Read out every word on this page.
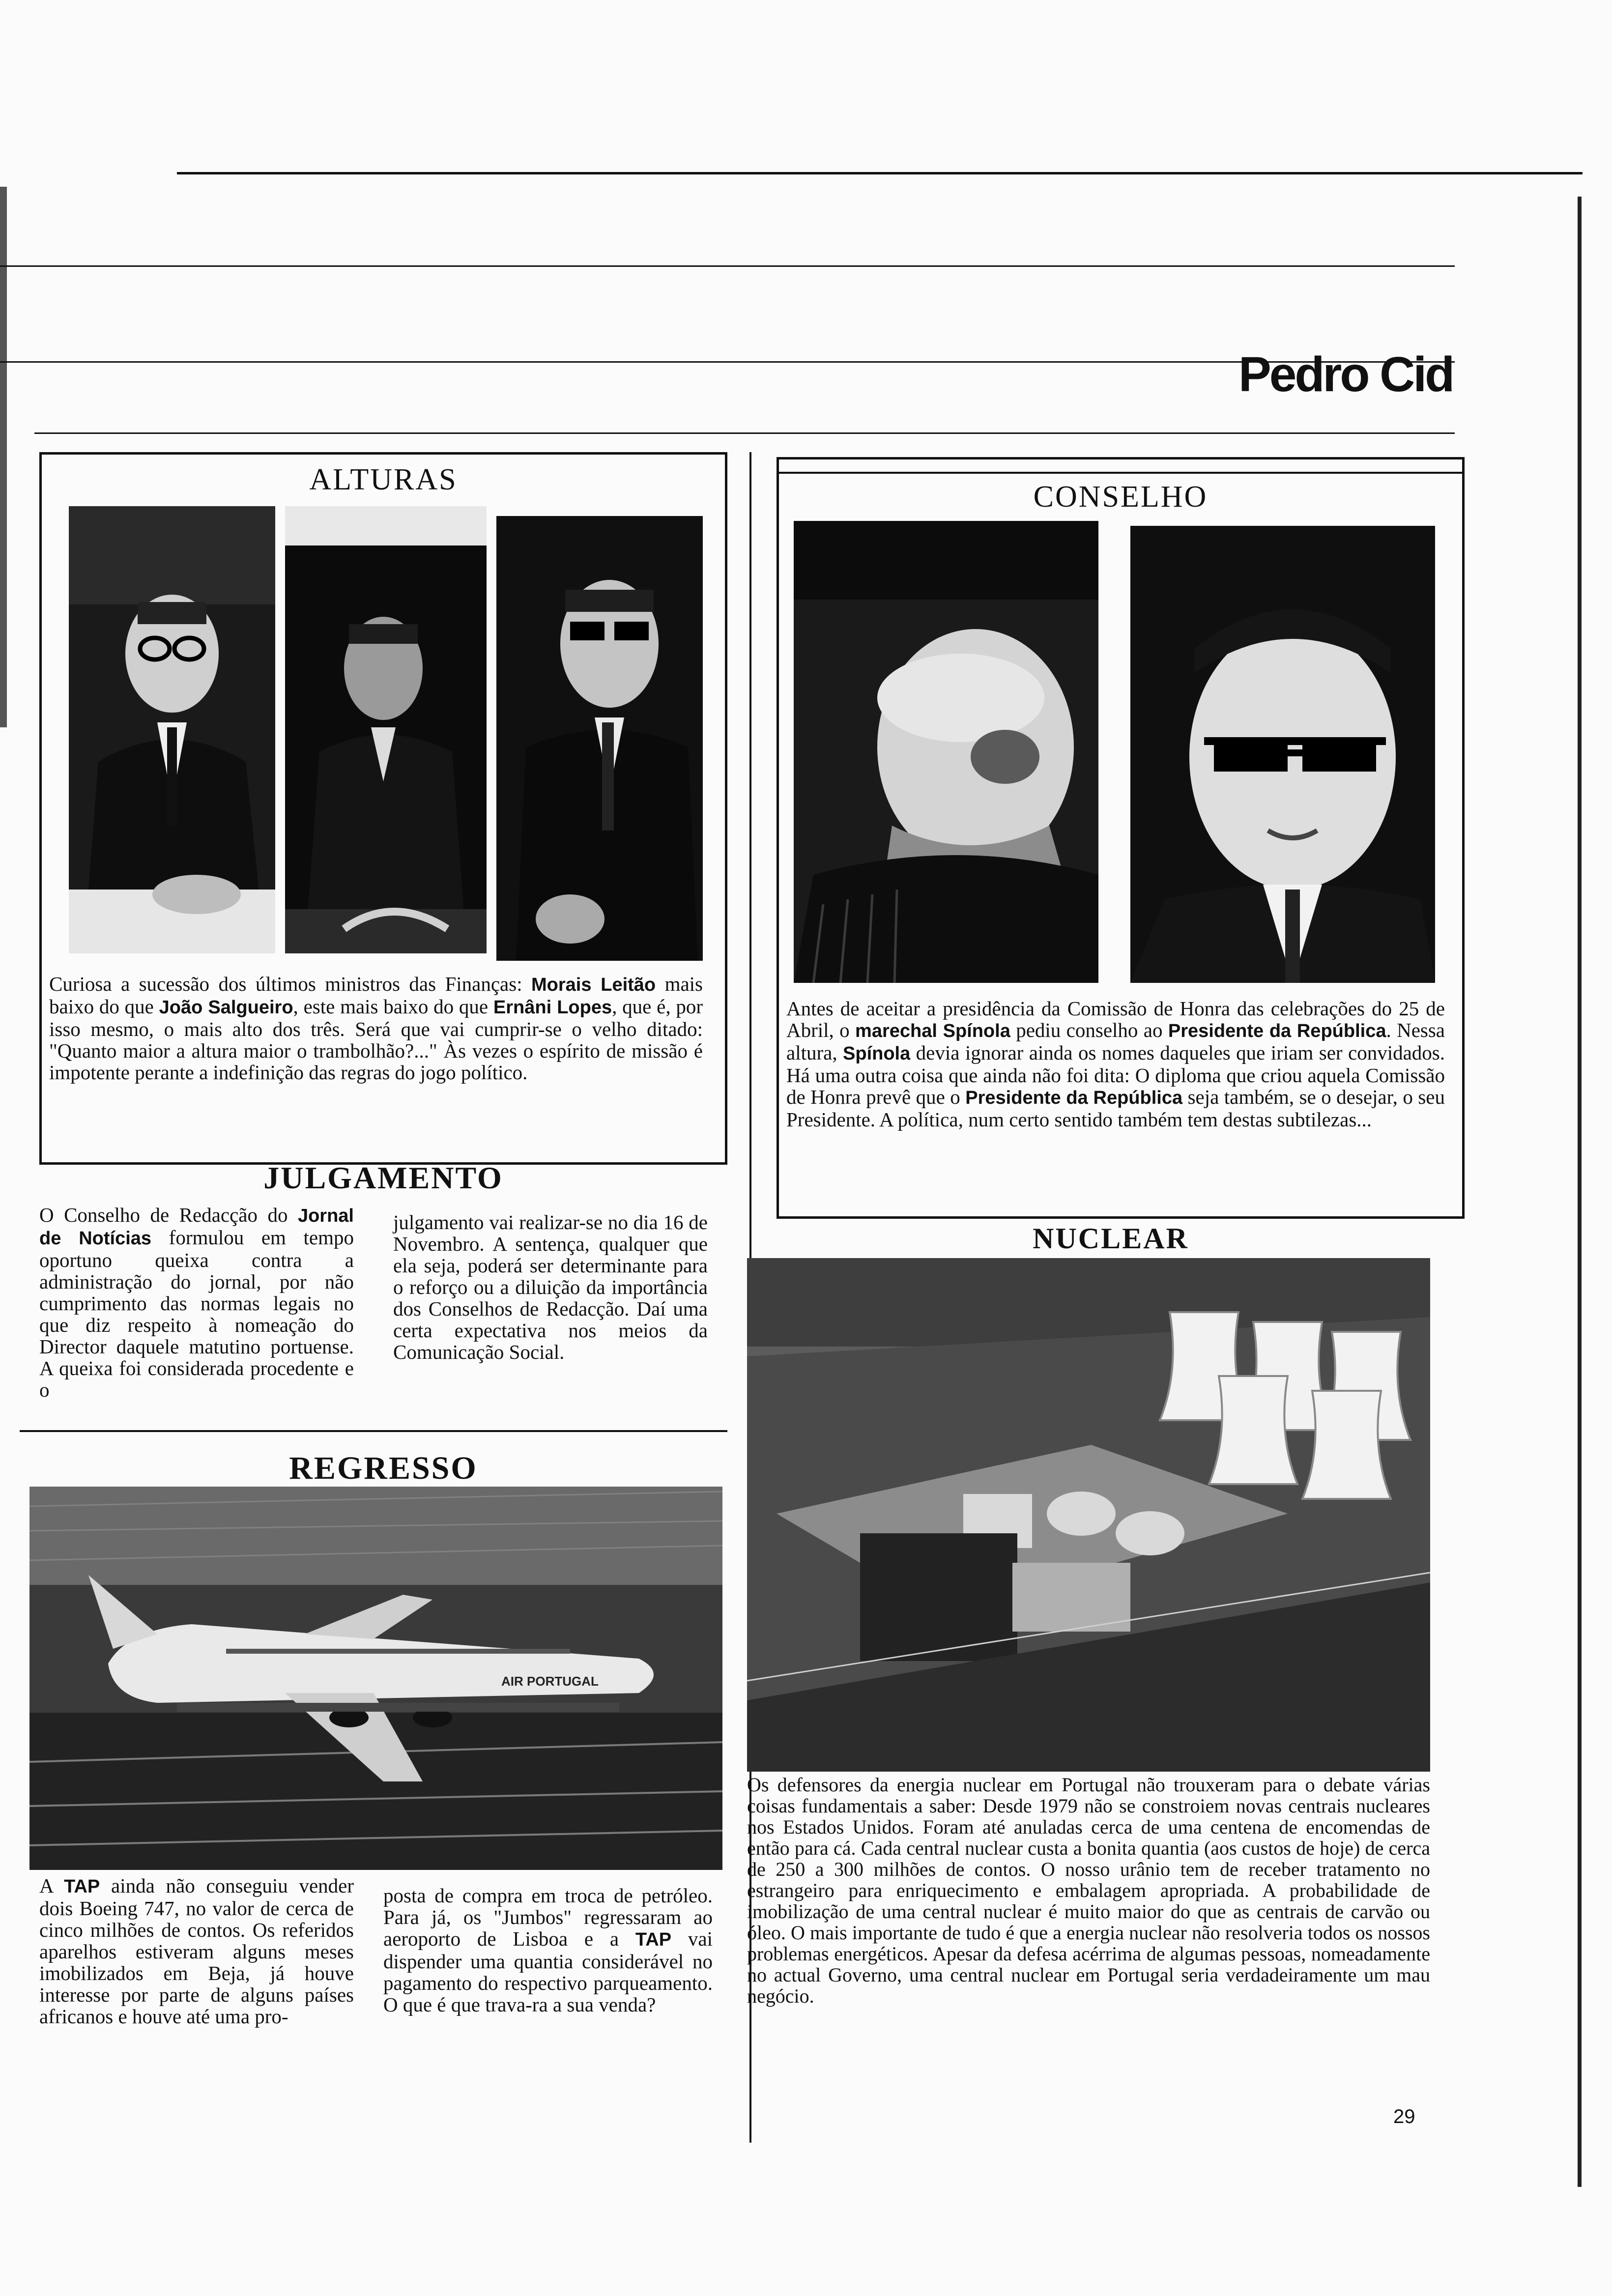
Pedro Cid
ALTURAS
Curiosa a sucessão dos últimos ministros das Finanças: Morais Leitão mais baixo do que João Salgueiro, este mais baixo do que Ernâni Lopes, que é, por isso mesmo, o mais alto dos três. Será que vai cumprir-se o velho ditado: "Quanto maior a altura maior o trambolhão?..." Às vezes o espírito de missão é impotente perante a indefinição das regras do jogo político.
CONSELHO
Antes de aceitar a presidência da Comissão de Honra das celebrações do 25 de Abril, o marechal Spínola pediu conselho ao Presidente da República. Nessa altura, Spínola devia ignorar ainda os nomes daqueles que iriam ser convidados. Há uma outra coisa que ainda não foi dita: O diploma que criou aquela Comissão de Honra prevê que o Presidente da República seja também, se o desejar, o seu Presidente. A política, num certo sentido também tem destas subtilezas...
JULGAMENTO
O Conselho de Redacção do Jornal de Notícias formulou em tempo oportuno queixa contra a administração do jornal, por não cumprimento das normas legais no que diz respeito à nomeação do Director daquele matutino portuense. A queixa foi considerada procedente e o
julgamento vai realizar-se no dia 16 de Novembro. A sentença, qualquer que ela seja, poderá ser determinante para o reforço ou a diluição da importância dos Conselhos de Redacção. Daí uma certa expectativa nos meios da Comunicação Social.
REGRESSO
AIR PORTUGAL
A TAP ainda não conseguiu vender dois Boeing 747, no valor de cerca de cinco milhões de contos. Os referidos aparelhos estiveram alguns meses imobilizados em Beja, já houve interesse por parte de alguns países africanos e houve até uma pro-
posta de compra em troca de petróleo. Para já, os "Jumbos" regressaram ao aeroporto de Lisboa e a TAP vai dispender uma quantia considerável no pagamento do respectivo parqueamento. O que é que trava-ra a sua venda?
NUCLEAR
Os defensores da energia nuclear em Portugal não trouxeram para o debate várias coisas fundamentais a saber: Desde 1979 não se constroiem novas centrais nucleares nos Estados Unidos. Foram até anuladas cerca de uma centena de encomendas de então para cá. Cada central nuclear custa a bonita quantia (aos custos de hoje) de cerca de 250 a 300 milhões de contos. O nosso urânio tem de receber tratamento no estrangeiro para enriquecimento e embalagem apropriada. A probabilidade de imobilização de uma central nuclear é muito maior do que as centrais de carvão ou óleo. O mais importante de tudo é que a energia nuclear não resolveria todos os nossos problemas energéticos. Apesar da defesa acérrima de algumas pessoas, nomeadamente no actual Governo, uma central nuclear em Portugal seria verdadeiramente um mau negócio.
29
